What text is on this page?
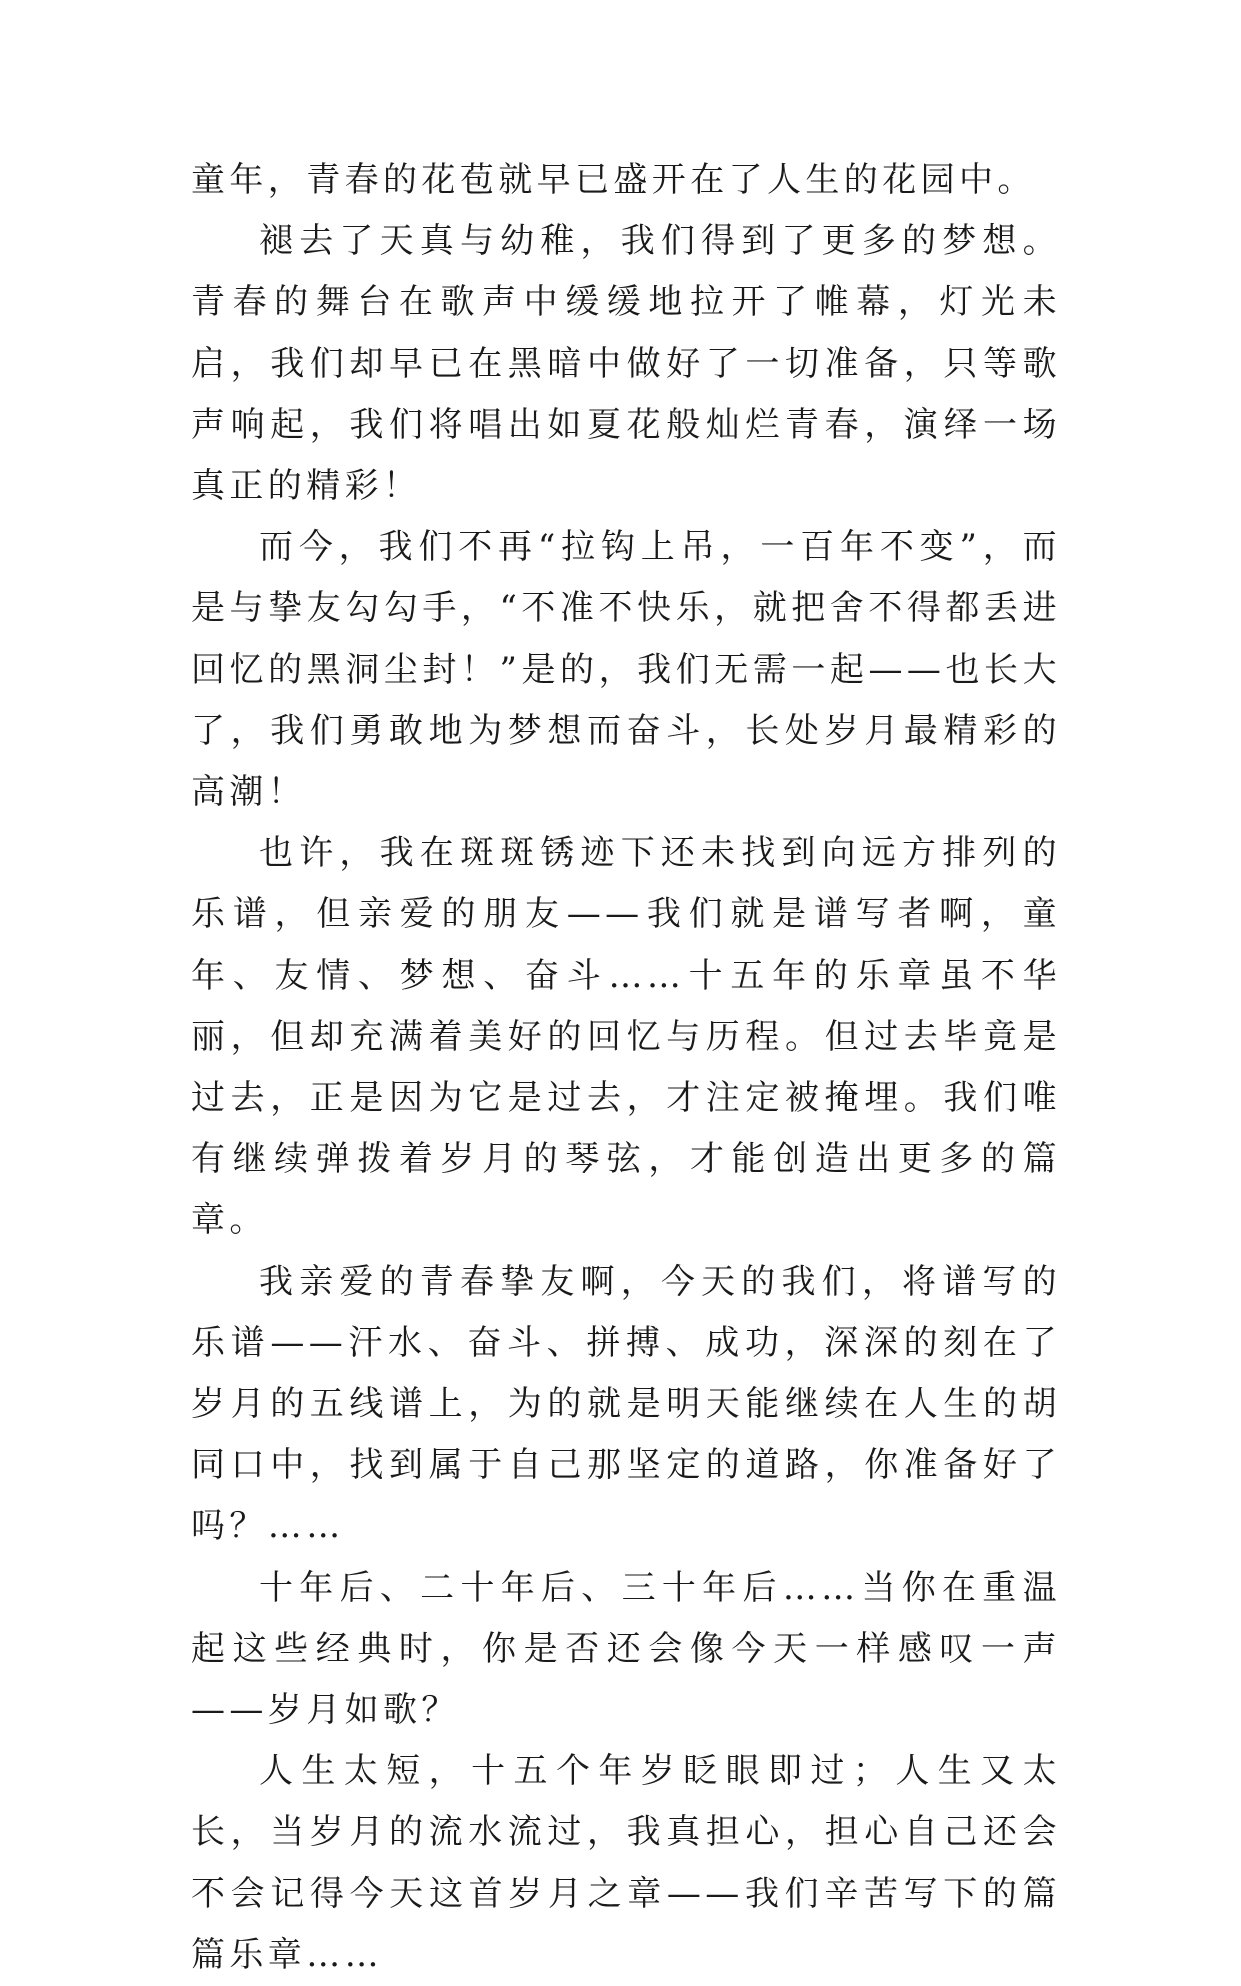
童年，青春的花苞就早已盛开在了人生的花园中。

褪去了天真与幼稚，我们得到了更多的梦想。青春的舞台在歌声中缓缓地拉开了帷幕，灯光未启，我们却早已在黑暗中做好了一切准备，只等歌声响起，我们将唱出如夏花般灿烂青春，演绎一场真正的精彩！

而今，我们不再“拉钩上吊，一百年不变”，而是与挚友勾勾手，“不准不快乐，就把舍不得都丢进回忆的黑洞尘封！”是的，我们无需一起——也长大了，我们勇敢地为梦想而奋斗，长处岁月最精彩的高潮！

也许，我在斑斑锈迹下还未找到向远方排列的乐谱，但亲爱的朋友——我们就是谱写者啊，童年、友情、梦想、奋斗……十五年的乐章虽不华丽，但却充满着美好的回忆与历程。但过去毕竟是过去，正是因为它是过去，才注定被掩埋。我们唯有继续弹拨着岁月的琴弦，才能创造出更多的篇章。

我亲爱的青春挚友啊，今天的我们，将谱写的乐谱——汗水、奋斗、拼搏、成功，深深的刻在了岁月的五线谱上，为的就是明天能继续在人生的胡同口中，找到属于自己那坚定的道路，你准备好了吗？……

十年后、二十年后、三十年后……当你在重温起这些经典时，你是否还会像今天一样感叹一声——岁月如歌？

人生太短，十五个年岁眨眼即过；人生又太长，当岁月的流水流过，我真担心，担心自己还会不会记得今天这首岁月之章——我们辛苦写下的篇篇乐章……
